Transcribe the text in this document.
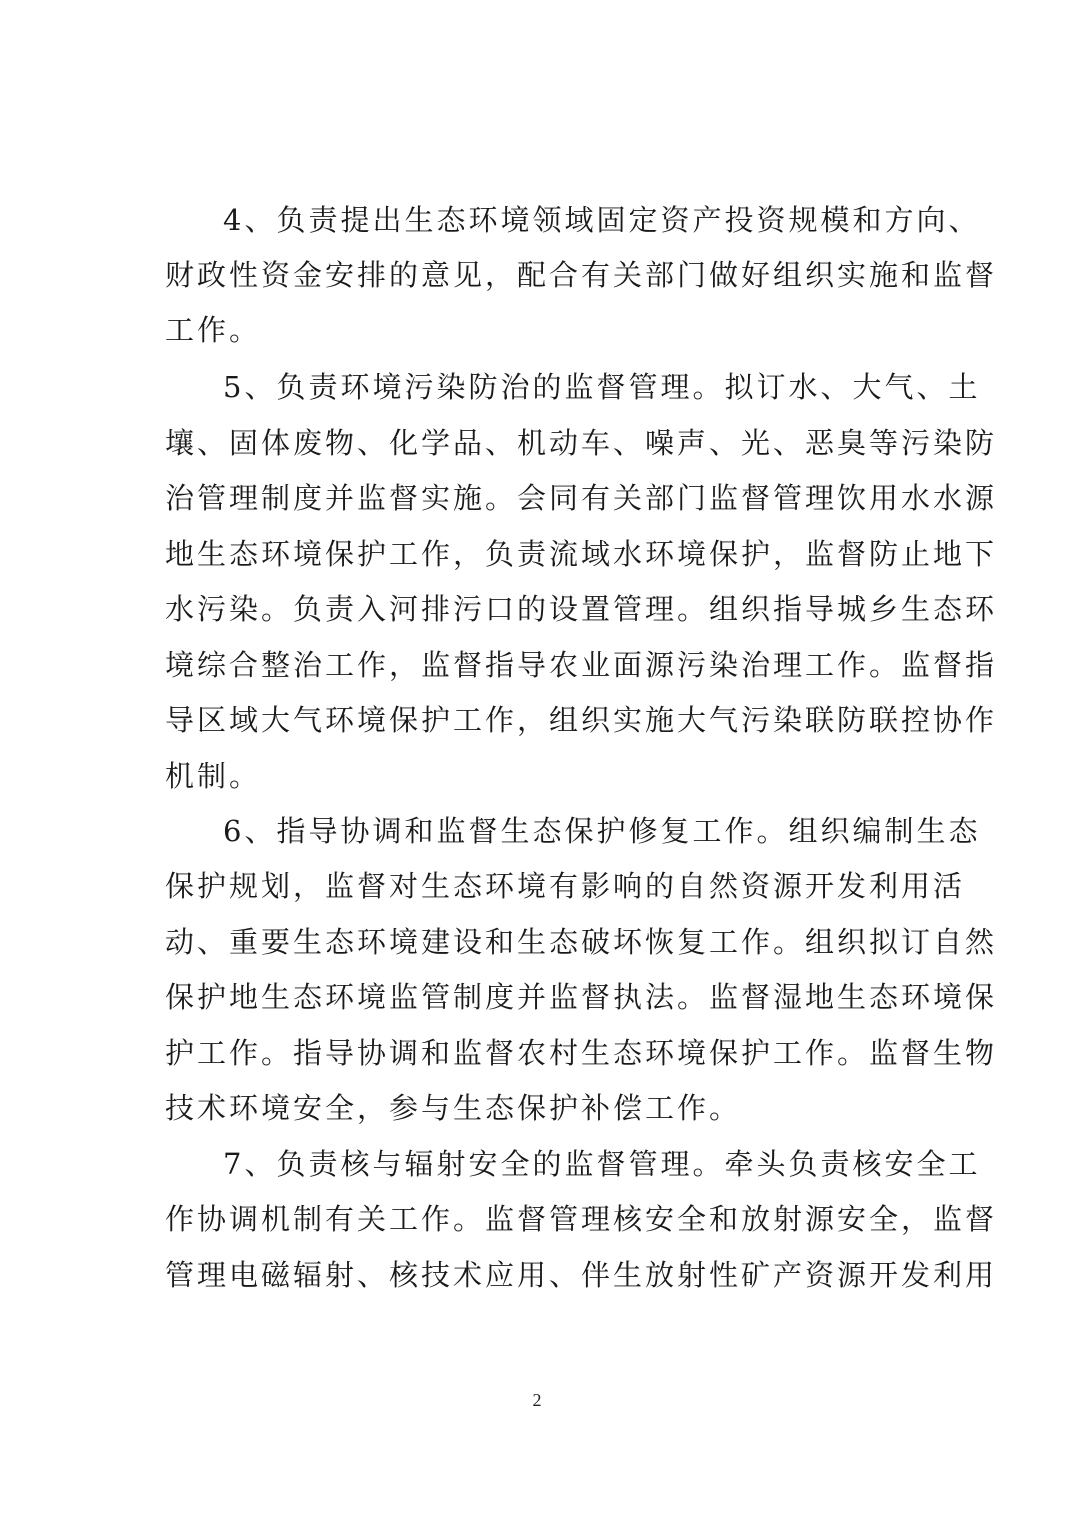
4、负责提出生态环境领域固定资产投资规模和方向、
财政性资金安排的意见，配合有关部门做好组织实施和监督
工作。
5、负责环境污染防治的监督管理。拟订水、大气、土
壤、固体废物、化学品、机动车、噪声、光、恶臭等污染防
治管理制度并监督实施。会同有关部门监督管理饮用水水源
地生态环境保护工作，负责流域水环境保护，监督防止地下
水污染。负责入河排污口的设置管理。组织指导城乡生态环
境综合整治工作，监督指导农业面源污染治理工作。监督指
导区域大气环境保护工作，组织实施大气污染联防联控协作
机制。
6、指导协调和监督生态保护修复工作。组织编制生态
保护规划，监督对生态环境有影响的自然资源开发利用活
动、重要生态环境建设和生态破坏恢复工作。组织拟订自然
保护地生态环境监管制度并监督执法。监督湿地生态环境保
护工作。指导协调和监督农村生态环境保护工作。监督生物
技术环境安全，参与生态保护补偿工作。
7、负责核与辐射安全的监督管理。牵头负责核安全工
作协调机制有关工作。监督管理核安全和放射源安全，监督
管理电磁辐射、核技术应用、伴生放射性矿产资源开发利用
2
